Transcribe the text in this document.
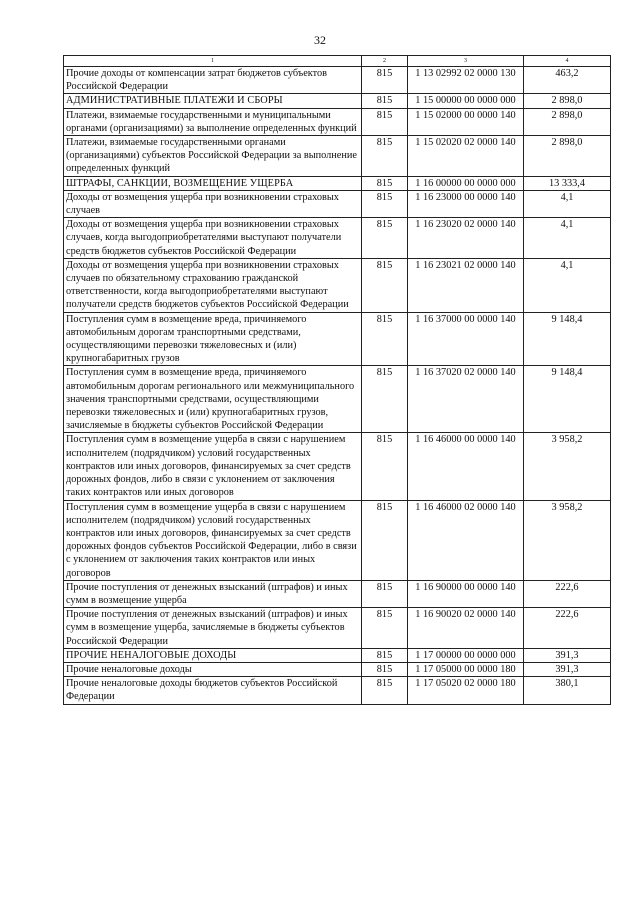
32
1	2	3	4
Прочие доходы от компенсации затрат бюджетов субъектов Российской Федерации	815	1 13 02992 02 0000 130	463,2
АДМИНИСТРАТИВНЫЕ ПЛАТЕЖИ И СБОРЫ	815	1 15 00000 00 0000 000	2 898,0
Платежи, взимаемые государственными и муниципальными органами (организациями) за выполнение определенных функций	815	1 15 02000 00 0000 140	2 898,0
Платежи, взимаемые государственными органами (организациями) субъектов Российской Федерации за выполнение определенных функций	815	1 15 02020 02 0000 140	2 898,0
ШТРАФЫ, САНКЦИИ, ВОЗМЕЩЕНИЕ УЩЕРБА	815	1 16 00000 00 0000 000	13 333,4
Доходы от возмещения ущерба при возникновении страховых случаев	815	1 16 23000 00 0000 140	4,1
Доходы от возмещения ущерба при возникновении страховых случаев, когда выгодоприобретателями выступают получатели средств бюджетов субъектов Российской Федерации	815	1 16 23020 02 0000 140	4,1
Доходы от возмещения ущерба при возникновении страховых случаев по обязательному страхованию гражданской ответственности, когда выгодоприобретателями выступают получатели средств бюджетов субъектов Российской Федерации	815	1 16 23021 02 0000 140	4,1
Поступления сумм в возмещение вреда, причиняемого автомобильным дорогам транспортными средствами, осуществляющими перевозки тяжеловесных и (или) крупногабаритных грузов	815	1 16 37000 00 0000 140	9 148,4
Поступления сумм в возмещение вреда, причиняемого автомобильным дорогам регионального или межмуниципального значения транспортными средствами, осуществляющими перевозки тяжеловесных и (или) крупногабаритных грузов, зачисляемые в бюджеты субъектов Российской Федерации	815	1 16 37020 02 0000 140	9 148,4
Поступления сумм в возмещение ущерба в связи с нарушением исполнителем (подрядчиком) условий государственных контрактов или иных договоров, финансируемых за счет средств дорожных фондов, либо в связи с уклонением от заключения таких контрактов или иных договоров	815	1 16 46000 00 0000 140	3 958,2
Поступления сумм в возмещение ущерба в связи с нарушением исполнителем (подрядчиком) условий государственных контрактов или иных договоров, финансируемых за счет средств дорожных фондов субъектов Российской Федерации, либо в связи с уклонением от заключения таких контрактов или иных договоров	815	1 16 46000 02 0000 140	3 958,2
Прочие поступления от денежных взысканий (штрафов) и иных сумм в возмещение ущерба	815	1 16 90000 00 0000 140	222,6
Прочие поступления от денежных взысканий (штрафов) и иных сумм в возмещение ущерба, зачисляемые в бюджеты субъектов Российской Федерации	815	1 16 90020 02 0000 140	222,6
ПРОЧИЕ НЕНАЛОГОВЫЕ ДОХОДЫ	815	1 17 00000 00 0000 000	391,3
Прочие неналоговые доходы	815	1 17 05000 00 0000 180	391,3
Прочие неналоговые доходы бюджетов субъектов Российской Федерации	815	1 17 05020 02 0000 180	380,1
